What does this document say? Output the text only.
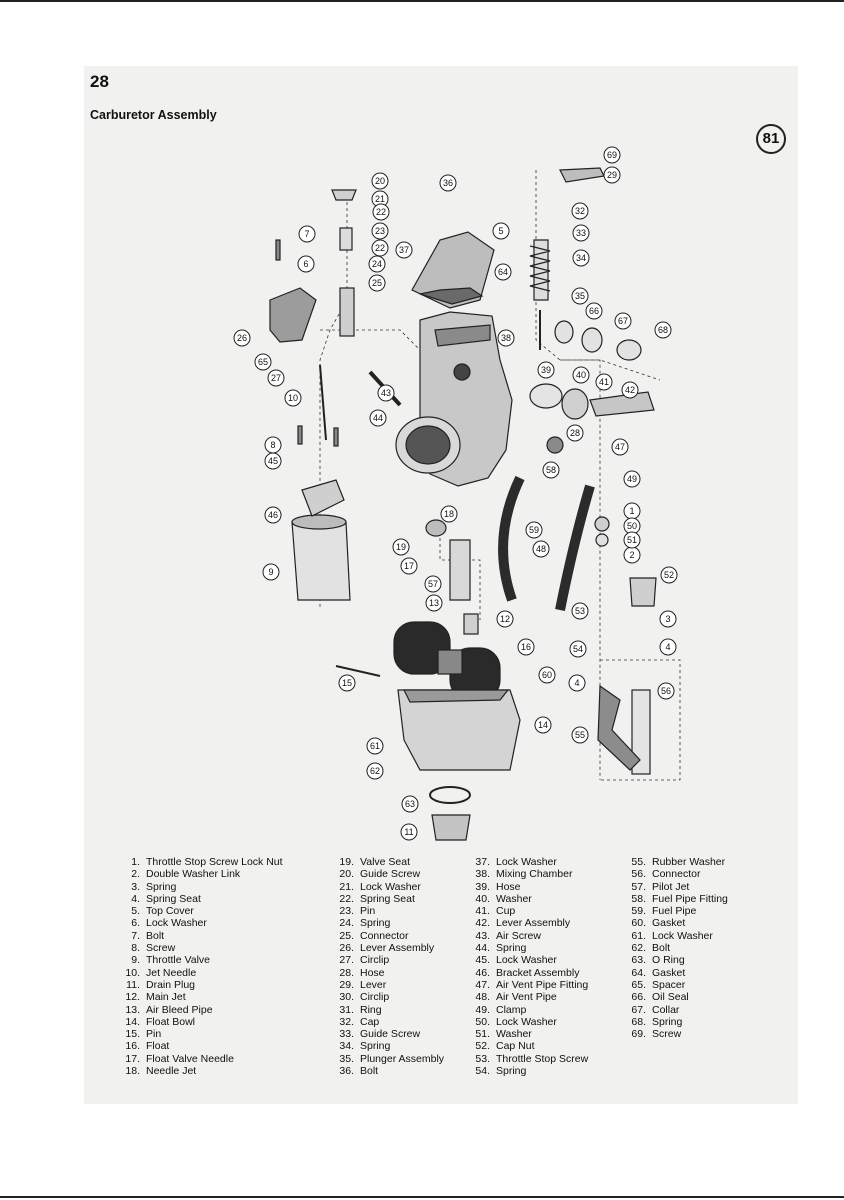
28
Carburetor Assembly
81
1
2
3
4
4
5
6
7
8
9
10
11
12
13
14
15
16
17
18
19
20
21
22
22
23
24
25
26
27
28
29
32
33
34
35
36
37
38
39	40
41
42
43
44
45
46
47
48
49
50
51
52
53
54
55
56
57
58
59
60
61
62
63
64
65
66
67
68
69
1. Throttle Stop Screw Lock Nut
2. Double Washer Link
3. Spring
4. Spring Seat
5. Top Cover
6. Lock Washer
7. Bolt
8. Screw
9. Throttle Valve
10. Jet Needle
11. Drain Plug
12. Main Jet
13. Air Bleed Pipe
14. Float Bowl
15. Pin
16. Float
17. Float Valve Needle
18. Needle Jet
19. Valve Seat
20. Guide Screw
21. Lock Washer
22. Spring Seat
23. Pin
24. Spring
25. Connector
26. Lever Assembly
27. Circlip
28. Hose
29. Lever
30. Circlip
31. Ring
32. Cap
33. Guide Screw
34. Spring
35. Plunger Assembly
36. Bolt
37. Lock Washer
38. Mixing Chamber
39. Hose
40. Washer
41. Cup
42. Lever Assembly
43. Air Screw
44. Spring
45. Lock Washer
46. Bracket Assembly
47. Air Vent Pipe Fitting
48. Air Vent Pipe
49. Clamp
50. Lock Washer
51. Washer
52. Cap Nut
53. Throttle Stop Screw
54. Spring
55. Rubber Washer
56. Connector
57. Pilot Jet
58. Fuel Pipe Fitting
59. Fuel Pipe
60. Gasket
61. Lock Washer
62. Bolt
63. O Ring
64. Gasket
65. Spacer
66. Oil Seal
67. Collar
68. Spring
69. Screw
